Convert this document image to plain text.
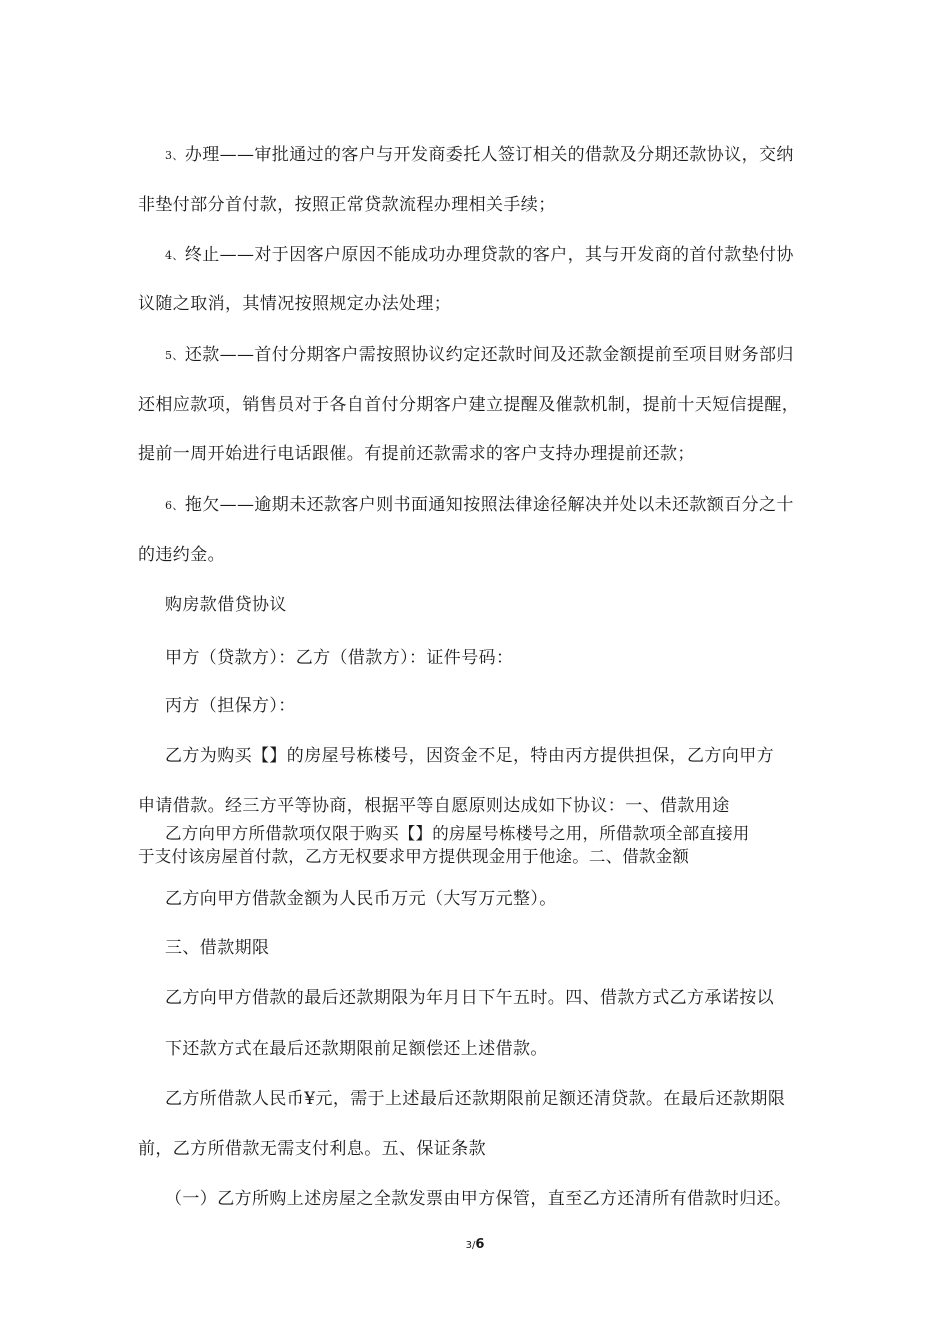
3、办理——审批通过的客户与开发商委托人签订相关的借款及分期还款协议，交纳
非垫付部分首付款，按照正常贷款流程办理相关手续；
4、终止——对于因客户原因不能成功办理贷款的客户，其与开发商的首付款垫付协
议随之取消，其情况按照规定办法处理；
5、还款——首付分期客户需按照协议约定还款时间及还款金额提前至项目财务部归
还相应款项，销售员对于各自首付分期客户建立提醒及催款机制，提前十天短信提醒，
提前一周开始进行电话跟催。有提前还款需求的客户支持办理提前还款；
6、拖欠——逾期未还款客户则书面通知按照法律途径解决并处以未还款额百分之十
的违约金。
购房款借贷协议
甲方（贷款方）：乙方（借款方）：证件号码：
丙方（担保方）：
乙方为购买【】的房屋号栋楼号，因资金不足，特由丙方提供担保，乙方向甲方
申请借款。经三方平等协商，根据平等自愿原则达成如下协议：一、借款用途
乙方向甲方所借款项仅限于购买【】的房屋号栋楼号之用，所借款项全部直接用
于支付该房屋首付款，乙方无权要求甲方提供现金用于他途。二、借款金额
乙方向甲方借款金额为人民币万元（大写万元整）。
三、借款期限
乙方向甲方借款的最后还款期限为年月日下午五时。四、借款方式乙方承诺按以
下还款方式在最后还款期限前足额偿还上述借款。
乙方所借款人民币¥元，需于上述最后还款期限前足额还清贷款。在最后还款期限
前，乙方所借款无需支付利息。五、保证条款
（一）乙方所购上述房屋之全款发票由甲方保管，直至乙方还清所有借款时归还。
3/6
